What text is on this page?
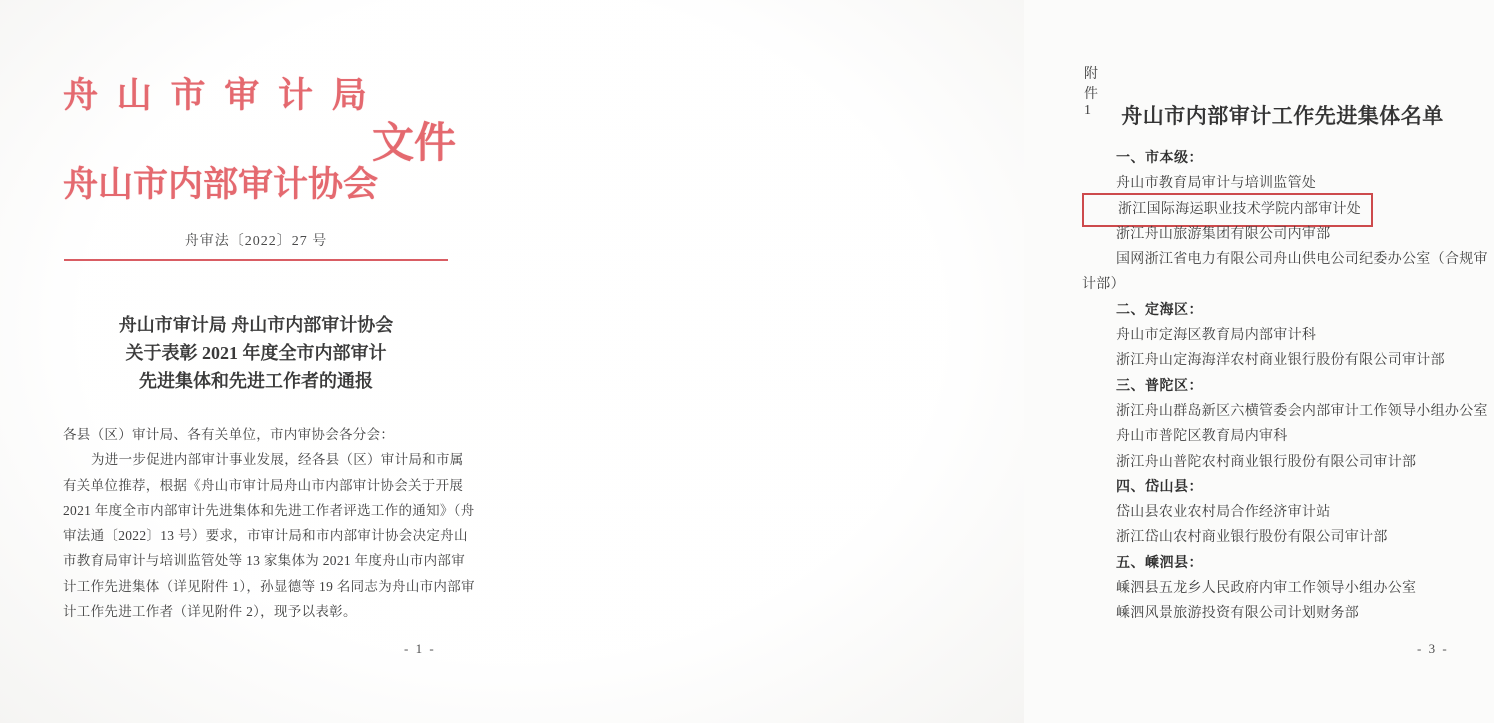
舟 山 市 审 计 局
文件
舟山市内部审计协会
舟审法〔2022〕27 号
舟山市审计局 舟山市内部审计协会
关于表彰 2021 年度全市内部审计
先进集体和先进工作者的通报
各县（区）审计局、各有关单位，市内审协会各分会：
为进一步促进内部审计事业发展，经各县（区）审计局和市属
有关单位推荐，根据《舟山市审计局舟山市内部审计协会关于开展
2021 年度全市内部审计先进集体和先进工作者评选工作的通知》（舟
审法通〔2022〕13 号）要求，市审计局和市内部审计协会决定舟山
市教育局审计与培训监管处等 13 家集体为 2021 年度舟山市内部审
计工作先进集体（详见附件 1），孙显德等 19 名同志为舟山市内部审
计工作先进工作者（详见附件 2），现予以表彰。
- 1 -
附件1	舟山市内部审计工作先进集体名单
一、市本级：
舟山市教育局审计与培训监管处
浙江国际海运职业技术学院内部审计处
浙江舟山旅游集团有限公司内审部
国网浙江省电力有限公司舟山供电公司纪委办公室（合规审计部）
二、定海区：
舟山市定海区教育局内部审计科
浙江舟山定海海洋农村商业银行股份有限公司审计部
三、普陀区：
浙江舟山群岛新区六横管委会内部审计工作领导小组办公室
舟山市普陀区教育局内审科
浙江舟山普陀农村商业银行股份有限公司审计部
四、岱山县：
岱山县农业农村局合作经济审计站
浙江岱山农村商业银行股份有限公司审计部
五、嵊泗县：
嵊泗县五龙乡人民政府内审工作领导小组办公室
嵊泗风景旅游投资有限公司计划财务部
- 3 -
